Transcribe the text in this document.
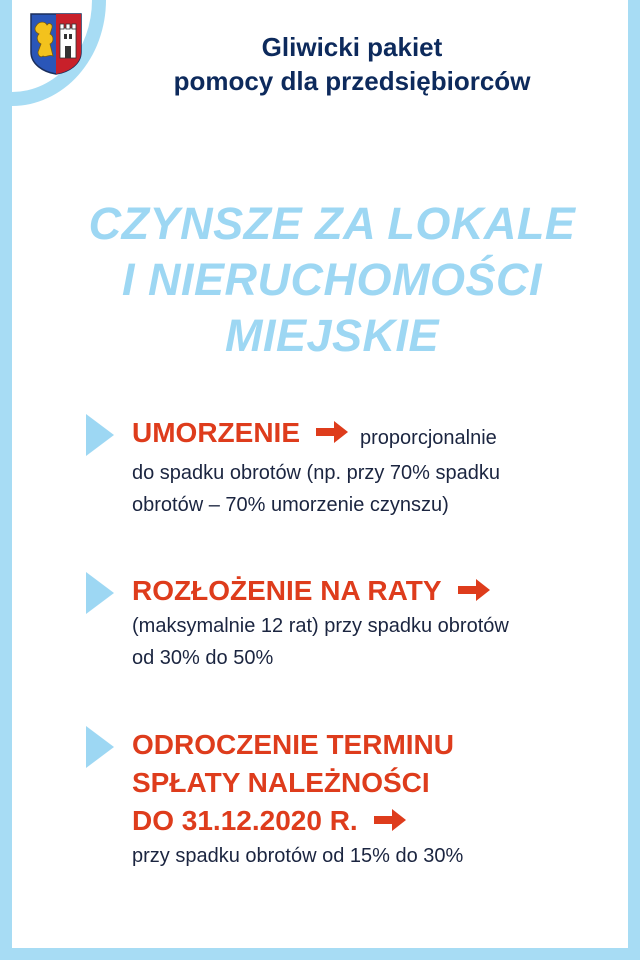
Gliwicki pakiet
pomocy dla przedsiębiorców
CZYNSZE ZA LOKALE
I NIERUCHOMOŚCI
MIEJSKIE
UMORZENIE	proporcjonalnie
do spadku obrotów (np. przy 70% spadku
obrotów – 70% umorzenie czynszu)
ROZŁOŻENIE NA RATY
(maksymalnie 12 rat) przy spadku obrotów
od 30% do 50%
ODROCZENIE TERMINU
SPŁATY NALEŻNOŚCI
DO 31.12.2020 R.
przy spadku obrotów od 15% do 30%
